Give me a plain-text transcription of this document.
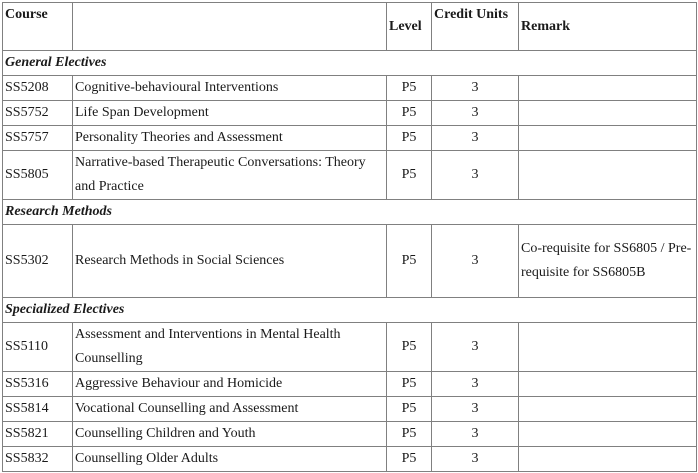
Course		Level	Credit Units	Remark
General Electives				
SS5208	Cognitive-behavioural Interventions	P5	3	
SS5752	Life Span Development	P5	3	
SS5757	Personality Theories and Assessment	P5	3	
SS5805	Narrative-based Therapeutic Conversations: Theory and Practice	P5	3	
Research Methods				
SS5302	Research Methods in Social Sciences	P5	3	Co-requisite for SS6805 / Pre-requisite for SS6805B
Specialized Electives				
SS5110	Assessment and Interventions in Mental Health Counselling	P5	3	
SS5316	Aggressive Behaviour and Homicide	P5	3	
SS5814	Vocational Counselling and Assessment	P5	3	
SS5821	Counselling Children and Youth	P5	3	
SS5832	Counselling Older Adults	P5	3	
